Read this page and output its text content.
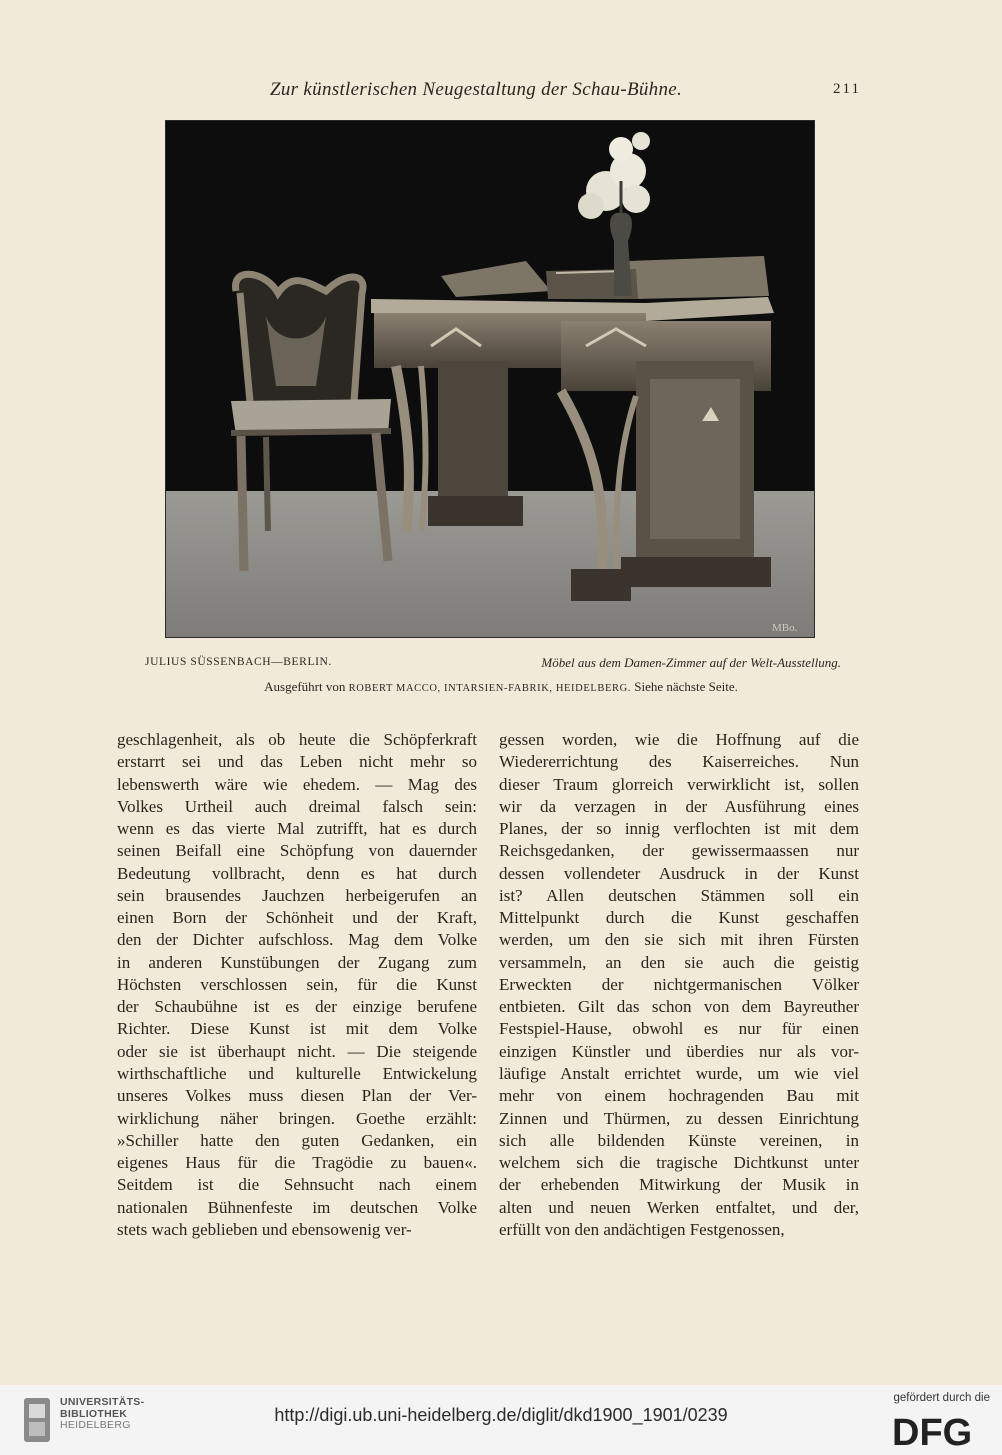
Zur künstlerischen Neugestaltung der Schau-Bühne.	211
MBo.
JULIUS SÜSSENBACH—BERLIN.	Möbel aus dem Damen-Zimmer auf der Welt-Ausstellung.
Ausgeführt von ROBERT MACCO, INTARSIEN-FABRIK, HEIDELBERG. Siehe nächste Seite.
geschlagenheit, als ob heute die Schöpferkraft
erstarrt sei und das Leben nicht mehr so
lebenswerth wäre wie ehedem. — Mag des
Volkes Urtheil auch dreimal falsch sein:
wenn es das vierte Mal zutrifft, hat es durch
seinen Beifall eine Schöpfung von dauernder
Bedeutung vollbracht, denn es hat durch
sein brausendes Jauchzen herbeigerufen an
einen Born der Schönheit und der Kraft,
den der Dichter aufschloss. Mag dem Volke
in anderen Kunstübungen der Zugang zum
Höchsten verschlossen sein, für die Kunst
der Schaubühne ist es der einzige berufene
Richter. Diese Kunst ist mit dem Volke
oder sie ist überhaupt nicht. — Die steigende
wirthschaftliche und kulturelle Entwickelung
unseres Volkes muss diesen Plan der Ver-
wirklichung näher bringen. Goethe erzählt:
»Schiller hatte den guten Gedanken, ein
eigenes Haus für die Tragödie zu bauen«.
Seitdem ist die Sehnsucht nach einem
nationalen Bühnenfeste im deutschen Volke
stets wach geblieben und ebensowenig ver-
gessen worden, wie die Hoffnung auf die
Wiedererrichtung des Kaiserreiches. Nun
dieser Traum glorreich verwirklicht ist, sollen
wir da verzagen in der Ausführung eines
Planes, der so innig verflochten ist mit dem
Reichsgedanken, der gewissermaassen nur
dessen vollendeter Ausdruck in der Kunst
ist? Allen deutschen Stämmen soll ein
Mittelpunkt durch die Kunst geschaffen
werden, um den sie sich mit ihren Fürsten
versammeln, an den sie auch die geistig
Erweckten der nichtgermanischen Völker
entbieten. Gilt das schon von dem Bayreuther
Festspiel-Hause, obwohl es nur für einen
einzigen Künstler und überdies nur als vor-
läufige Anstalt errichtet wurde, um wie viel
mehr von einem hochragenden Bau mit
Zinnen und Thürmen, zu dessen Einrichtung
sich alle bildenden Künste vereinen, in
welchem sich die tragische Dichtkunst unter
der erhebenden Mitwirkung der Musik in
alten und neuen Werken entfaltet, und der,
erfüllt von den andächtigen Festgenossen,
UNIVERSITÄTS-
BIBLIOTHEK
HEIDELBERG	http://digi.ub.uni-heidelberg.de/diglit/dkd1900_1901/0239
gefördert durch die
DFG
